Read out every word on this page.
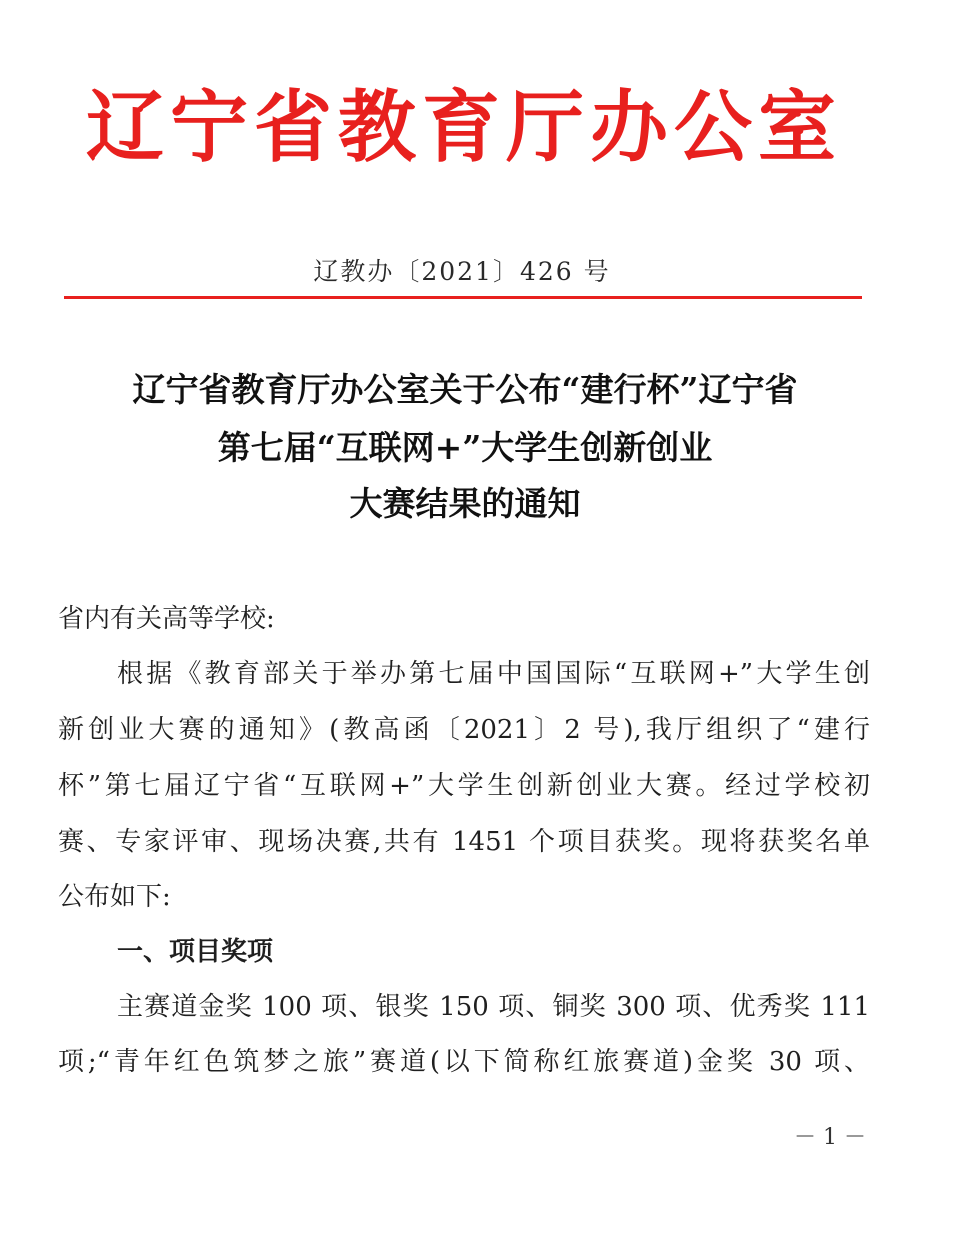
辽宁省教育厅办公室
辽教办〔2021〕426 号
辽宁省教育厅办公室关于公布“建行杯”辽宁省
第七届“互联网+”大学生创新创业
大赛结果的通知
省内有关高等学校:
根据《教育部关于举办第七届中国国际“互联网+”大学生创
新创业大赛的通知》(教高函〔2021〕2 号),我厅组织了“建行
杯”第七届辽宁省“互联网+”大学生创新创业大赛。经过学校初
赛、专家评审、现场决赛,共有 1451 个项目获奖。现将获奖名单
公布如下:
一、项目奖项
主赛道金奖 100 项、银奖 150 项、铜奖 300 项、优秀奖 111
项;“青年红色筑梦之旅”赛道(以下简称红旅赛道)金奖 30 项、
－ 1 －
